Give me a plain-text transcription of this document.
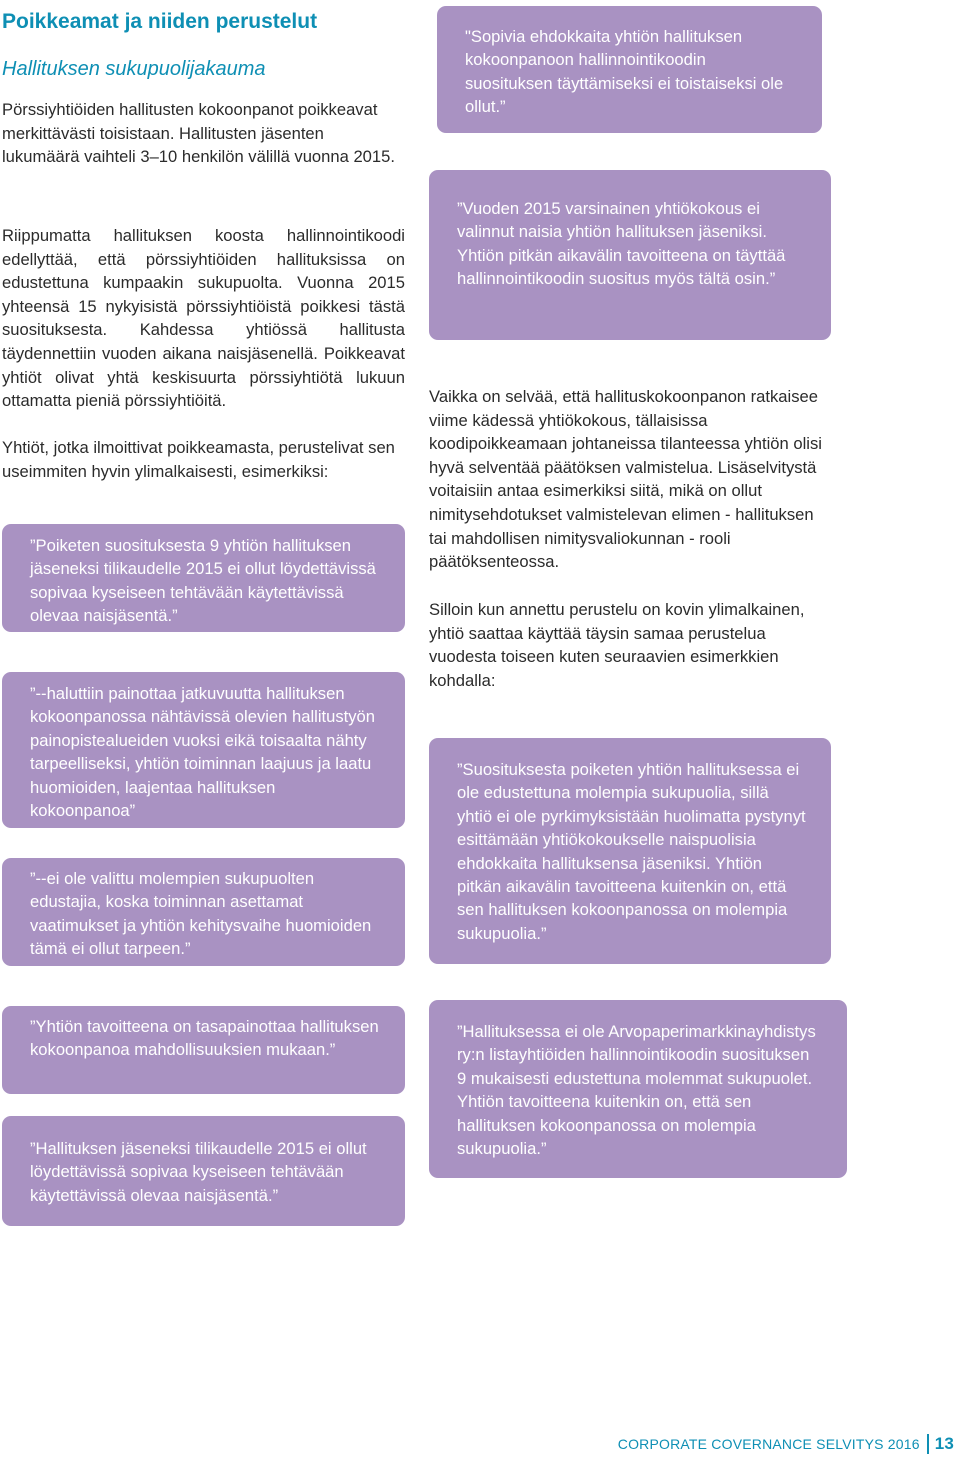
Poikkeamat ja niiden perustelut
Hallituksen sukupuolijakauma

Pörssiyhtiöiden hallitusten kokoonpanot poikkeavat merkittävästi toisistaan. Hallitusten jäsenten lukumäärä vaihteli 3–10 henkilön välillä vuonna 2015.

Riippumatta hallituksen koosta hallinnointikoodi edellyttää, että pörssiyhtiöiden hallituksissa on edustettuna kumpaakin sukupuolta. Vuonna 2015 yhteensä 15 nykyisistä pörssiyhtiöistä poikkesi tästä suosituksesta. Kahdessa yhtiössä hallitusta täydennettiin vuoden aikana naisjäsenellä. Poikkeavat yhtiöt olivat yhtä keskisuurta pörssiyhtiötä lukuun ottamatta pieniä pörssiyhtiöitä.

Yhtiöt, jotka ilmoittivat poikkeamasta, perustelivat sen useimmiten hyvin ylimalkaisesti, esimerkiksi:

”Poiketen suosituksesta 9 yhtiön hallituksen jäseneksi tilikaudelle 2015 ei ollut löydettävissä sopivaa kyseiseen tehtävään käytettävissä olevaa naisjäsentä.”

”--haluttiin painottaa jatkuvuutta hallituksen kokoonpanossa nähtävissä olevien hallitustyön painopistealueiden vuoksi eikä toisaalta nähty tarpeelliseksi, yhtiön toiminnan laajuus ja laatu huomioiden, laajentaa hallituksen kokoonpanoa”

”--ei ole valittu molempien sukupuolten edustajia, koska toiminnan asettamat vaatimukset ja yhtiön kehitysvaihe huomioiden tämä ei ollut tarpeen.”

”Yhtiön tavoitteena on tasapainottaa hallituksen kokoonpanoa mahdollisuuksien mukaan.”

”Hallituksen jäseneksi tilikaudelle 2015 ei ollut löydettävissä sopivaa kyseiseen tehtävään käytettävissä olevaa naisjäsentä.”

"Sopivia ehdokkaita yhtiön hallituksen kokoonpanoon hallinnointikoodin suosituksen täyttämiseksi ei toistaiseksi ole ollut.”

”Vuoden 2015 varsinainen yhtiökokous ei valinnut naisia yhtiön hallituksen jäseniksi. Yhtiön pitkän aikavälin tavoitteena on täyttää hallinnointikoodin suositus myös tältä osin.”

Vaikka on selvää, että hallituskokoonpanon ratkaisee viime kädessä yhtiökokous, tällaisissa koodipoikkeamaan johtaneissa tilanteessa yhtiön olisi hyvä selventää päätöksen valmistelua. Lisäselvitystä voitaisiin antaa esimerkiksi siitä, mikä on ollut nimitysehdotukset valmistelevan elimen - hallituksen tai mahdollisen nimitysvaliokunnan - rooli päätöksenteossa.

Silloin kun annettu perustelu on kovin ylimalkainen, yhtiö saattaa käyttää täysin samaa perustelua vuodesta toiseen kuten seuraavien esimerkkien kohdalla:

”Suosituksesta poiketen yhtiön hallituksessa ei ole edustettuna molempia sukupuolia, sillä yhtiö ei ole pyrkimyksistään huolimatta pystynyt esittämään yhtiökokoukselle naispuolisia ehdokkaita hallituksensa jäseniksi. Yhtiön pitkän aikavälin tavoitteena kuitenkin on, että sen hallituksen kokoonpanossa on molempia sukupuolia.”

”Hallituksessa ei ole Arvopaperimarkkinayhdistys ry:n listayhtiöiden hallinnointikoodin suosituksen 9 mukaisesti edustettuna molemmat sukupuolet. Yhtiön tavoitteena kuitenkin on, että sen hallituksen kokoonpanossa on molempia sukupuolia.”

CORPORATE COVERNANCE SELVITYS 2016 13
